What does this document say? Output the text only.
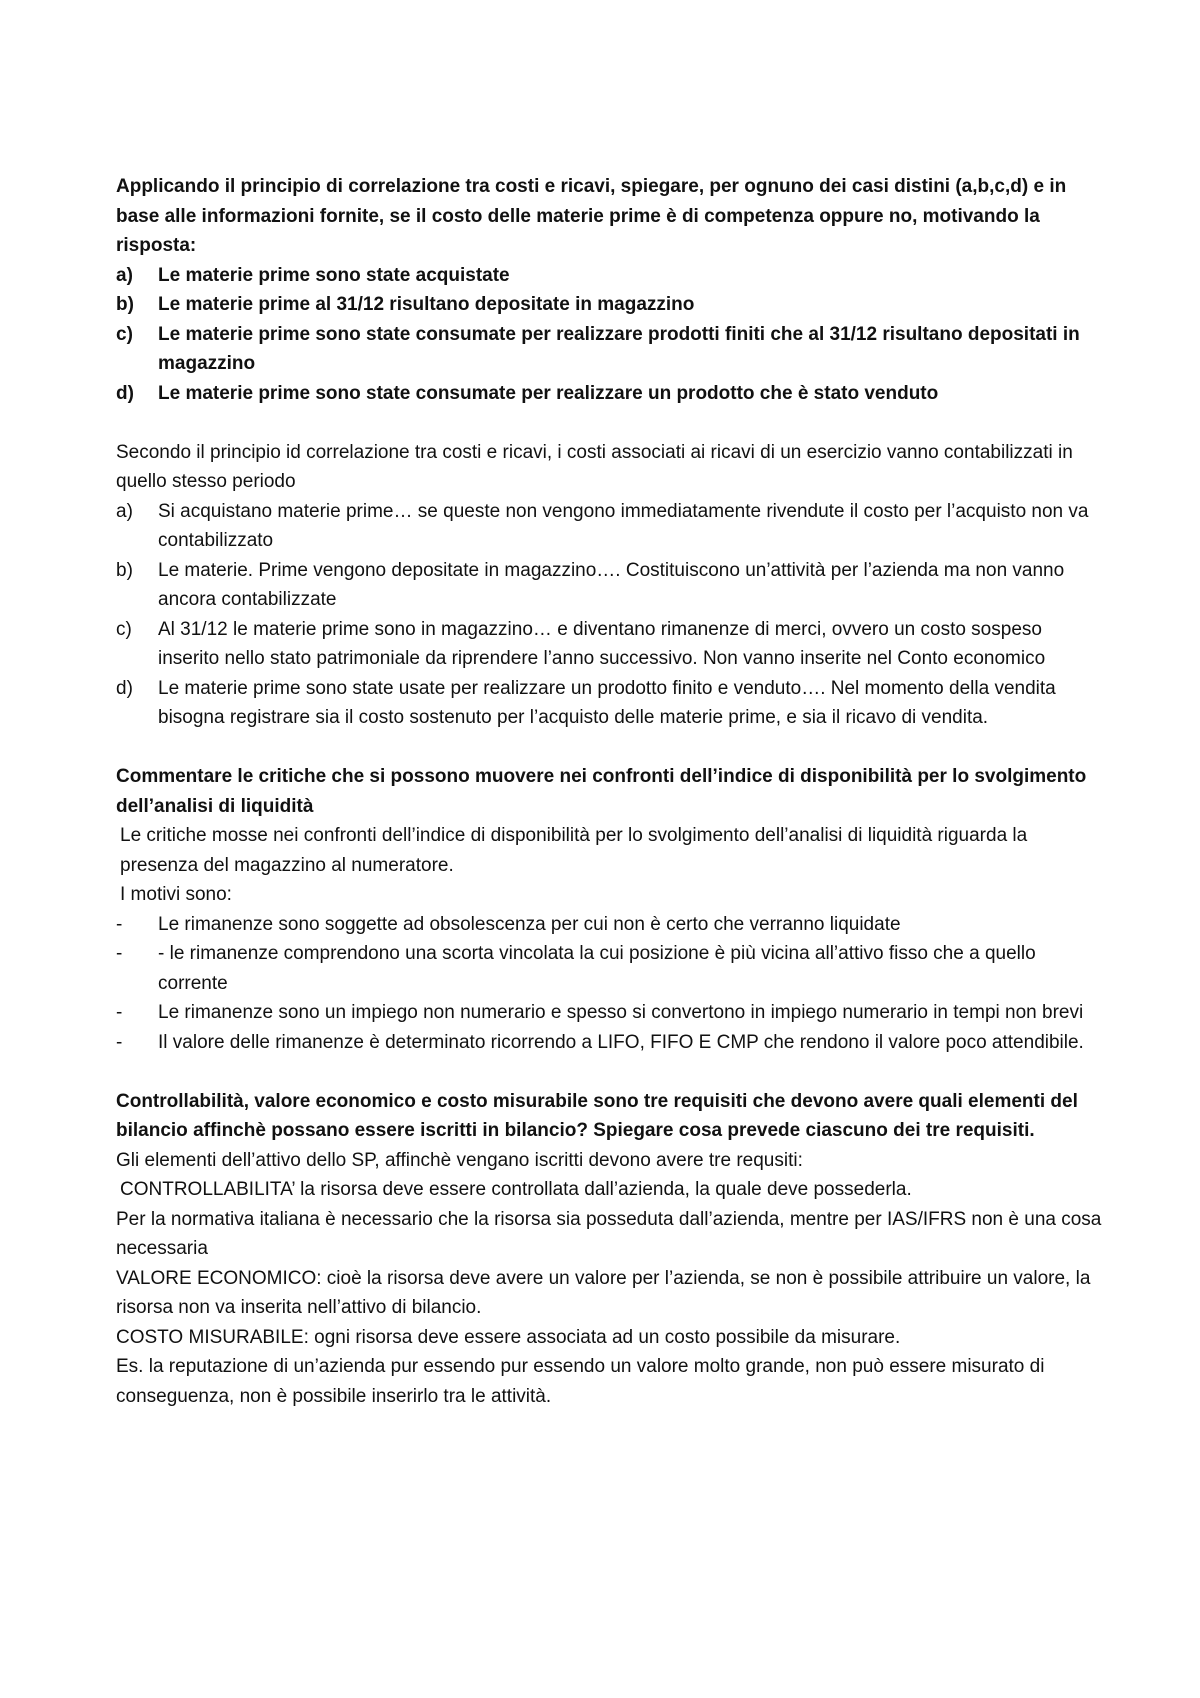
Applicando il principio di correlazione tra costi e ricavi, spiegare, per ognuno dei casi distini (a,b,c,d) e in base alle informazioni fornite, se il costo delle materie prime è di competenza oppure no, motivando la risposta:

a) Le materie prime sono state acquistate
b) Le materie prime al 31/12 risultano depositate in magazzino
c) Le materie prime sono state consumate per realizzare prodotti finiti che al 31/12 risultano depositati in magazzino
d) Le materie prime sono state consumate per realizzare un prodotto che è stato venduto

Secondo il principio id correlazione tra costi e ricavi, i costi associati ai ricavi di un esercizio vanno contabilizzati in quello stesso periodo

a) Si acquistano materie prime… se queste non vengono immediatamente rivendute il costo per l’acquisto non va contabilizzato
b) Le materie. Prime vengono depositate in magazzino…. Costituiscono un’attività per l’azienda ma non vanno ancora contabilizzate
c) Al 31/12 le materie prime sono in magazzino… e diventano rimanenze di merci, ovvero un costo sospeso inserito nello stato patrimoniale da riprendere l’anno successivo. Non vanno inserite nel Conto economico
d) Le materie prime sono state usate per realizzare un prodotto finito e venduto…. Nel momento della vendita bisogna registrare sia il costo sostenuto per l’acquisto delle materie prime, e sia il ricavo di vendita.

Commentare le critiche che si possono muovere nei confronti dell’indice di disponibilità per lo svolgimento dell’analisi di liquidità

Le critiche mosse nei confronti dell’indice di disponibilità per lo svolgimento dell’analisi di liquidità riguarda la presenza del magazzino al numeratore.

I motivi sono:

- Le rimanenze sono soggette ad obsolescenza per cui non è certo che verranno liquidate
- - le rimanenze comprendono una scorta vincolata la cui posizione è più vicina all’attivo fisso che a quello corrente
- Le rimanenze sono un impiego non numerario e spesso si convertono in impiego numerario in tempi non brevi
- Il valore delle rimanenze è determinato ricorrendo a LIFO, FIFO E CMP che rendono il valore poco attendibile.

Controllabilità, valore economico e costo misurabile sono tre requisiti che devono avere quali elementi del bilancio affinchè possano essere iscritti in bilancio? Spiegare cosa prevede ciascuno dei tre requisiti.

Gli elementi dell’attivo dello SP, affinchè vengano iscritti devono avere tre requsiti:

CONTROLLABILITA’ la risorsa deve essere controllata dall’azienda, la quale deve possederla.

Per la normativa italiana è necessario che la risorsa sia posseduta dall’azienda, mentre per IAS/IFRS non è una cosa necessaria

VALORE ECONOMICO: cioè la risorsa deve avere un valore per l’azienda, se non è possibile attribuire un valore, la risorsa non va inserita nell’attivo di bilancio.

COSTO MISURABILE: ogni risorsa deve essere associata ad un costo possibile da misurare.

Es. la reputazione di un’azienda pur essendo pur essendo un valore molto grande, non può essere misurato di conseguenza, non è possibile inserirlo tra le attività.
